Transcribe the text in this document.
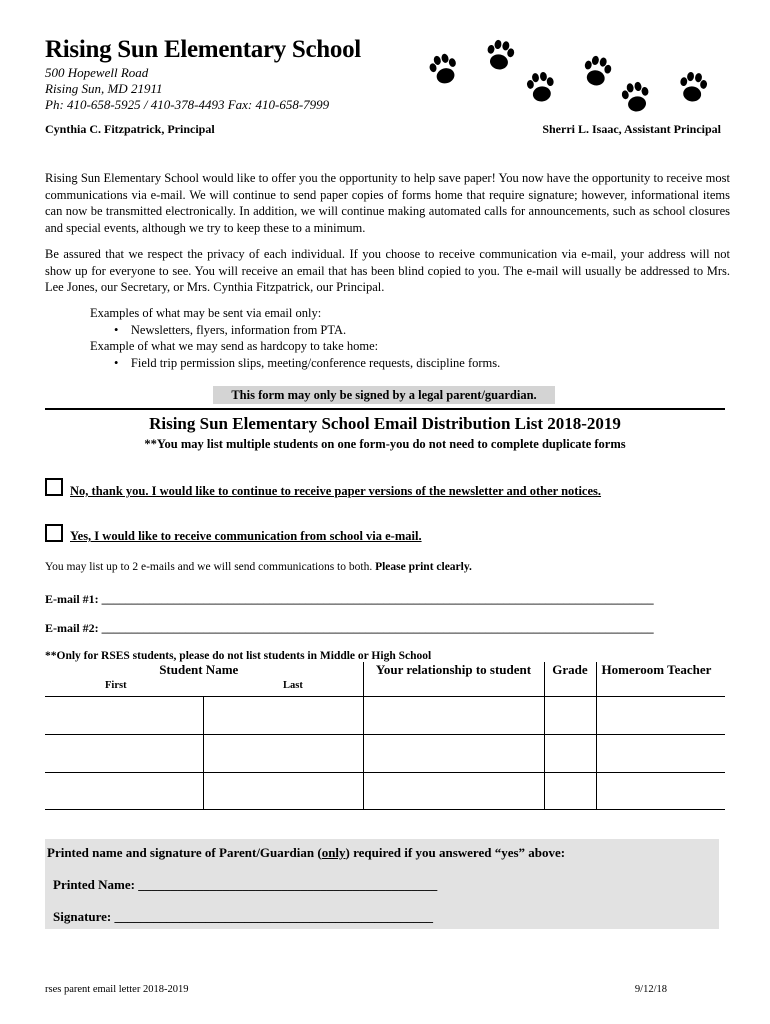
Rising Sun Elementary School
500 Hopewell Road
Rising Sun, MD 21911
Ph: 410-658-5925 / 410-378-4493 Fax: 410-658-7999
Cynthia C. Fitzpatrick, Principal	Sherri L. Isaac, Assistant Principal
Rising Sun Elementary School would like to offer you the opportunity to help save paper! You now have the opportunity to receive most communications via e-mail. We will continue to send paper copies of forms home that require signature; however, informational items can now be transmitted electronically. In addition, we will continue making automated calls for announcements, such as school closures and special events, although we try to keep these to a minimum.
Be assured that we respect the privacy of each individual. If you choose to receive communication via e-mail, your address will not show up for everyone to see. You will receive an email that has been blind copied to you. The e-mail will usually be addressed to Mrs. Lee Jones, our Secretary, or Mrs. Cynthia Fitzpatrick, our Principal.
Examples of what may be sent via email only:
• Newsletters, flyers, information from PTA.
Example of what we may send as hardcopy to take home:
• Field trip permission slips, meeting/conference requests, discipline forms.
This form may only be signed by a legal parent/guardian.
Rising Sun Elementary School Email Distribution List 2018-2019
**You may list multiple students on one form-you do not need to complete duplicate forms
No, thank you. I would like to continue to receive paper versions of the newsletter and other notices.
Yes, I would like to receive communication from school via e-mail.
You may list up to 2 e-mails and we will send communications to both. Please print clearly.
E-mail #1: ____________________________________________________________________________________________
E-mail #2: ____________________________________________________________________________________________
**Only for RSES students, please do not list students in Middle or High School
Student Name
First Last		Your relationship to student	Grade	Homeroom Teacher

Printed name and signature of Parent/Guardian (only) required if you answered “yes” above:
Printed Name: ______________________________________________
Signature: _________________________________________________
rses parent email letter 2018-2019	9/12/18
